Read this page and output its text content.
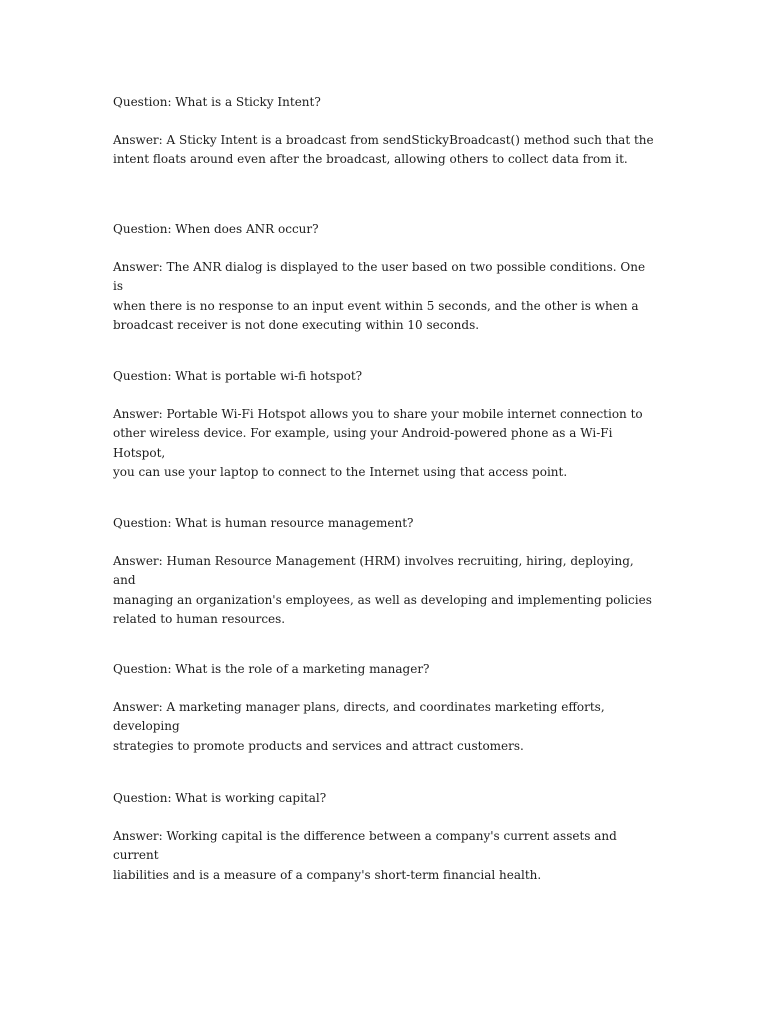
Question: What is a Sticky Intent?

Answer: A Sticky Intent is a broadcast from sendStickyBroadcast() method such that the
intent floats around even after the broadcast, allowing others to collect data from it.

Question: When does ANR occur?

Answer: The ANR dialog is displayed to the user based on two possible conditions. One is
when there is no response to an input event within 5 seconds, and the other is when a
broadcast receiver is not done executing within 10 seconds.

Question: What is portable wi-fi hotspot?

Answer: Portable Wi-Fi Hotspot allows you to share your mobile internet connection to
other wireless device. For example, using your Android-powered phone as a Wi-Fi Hotspot,
you can use your laptop to connect to the Internet using that access point.

Question: What is human resource management?

Answer: Human Resource Management (HRM) involves recruiting, hiring, deploying, and
managing an organization's employees, as well as developing and implementing policies
related to human resources.

Question: What is the role of a marketing manager?

Answer: A marketing manager plans, directs, and coordinates marketing efforts, developing
strategies to promote products and services and attract customers.

Question: What is working capital?

Answer: Working capital is the difference between a company's current assets and current
liabilities and is a measure of a company's short-term financial health.
